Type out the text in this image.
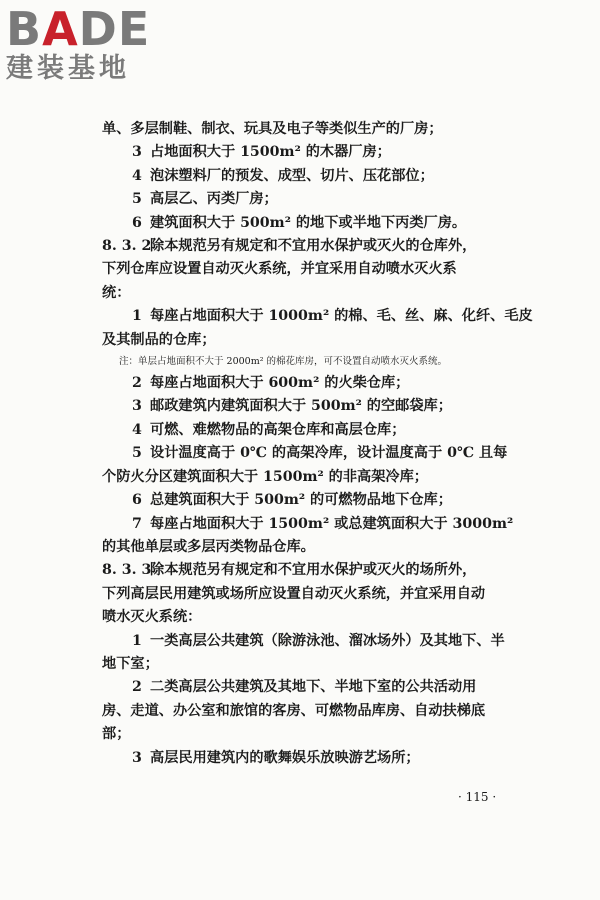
BADE
建装基地
单、多层制鞋、制衣、玩具及电子等类似生产的厂房；
3 占地面积大于 1500m² 的木器厂房；
4 泡沫塑料厂的预发、成型、切片、压花部位；
5 高层乙、丙类厂房；
6 建筑面积大于 500m² 的地下或半地下丙类厂房。
8. 3. 2除本规范另有规定和不宜用水保护或灭火的仓库外，
下列仓库应设置自动灭火系统，并宜采用自动喷水灭火系
统：
1 每座占地面积大于 1000m² 的棉、毛、丝、麻、化纤、毛皮
及其制品的仓库；
注：单层占地面积不大于 2000m² 的棉花库房，可不设置自动喷水灭火系统。
2 每座占地面积大于 600m² 的火柴仓库；
3 邮政建筑内建筑面积大于 500m² 的空邮袋库；
4 可燃、难燃物品的高架仓库和高层仓库；
5 设计温度高于 0℃ 的高架冷库，设计温度高于 0℃ 且每
个防火分区建筑面积大于 1500m² 的非高架冷库；
6 总建筑面积大于 500m² 的可燃物品地下仓库；
7 每座占地面积大于 1500m² 或总建筑面积大于 3000m²
的其他单层或多层丙类物品仓库。
8. 3. 3除本规范另有规定和不宜用水保护或灭火的场所外，
下列高层民用建筑或场所应设置自动灭火系统，并宜采用自动
喷水灭火系统：
1 一类高层公共建筑（除游泳池、溜冰场外）及其地下、半
地下室；
2 二类高层公共建筑及其地下、半地下室的公共活动用
房、走道、办公室和旅馆的客房、可燃物品库房、自动扶梯底
部；
3 高层民用建筑内的歌舞娱乐放映游艺场所；
· 115 ·
